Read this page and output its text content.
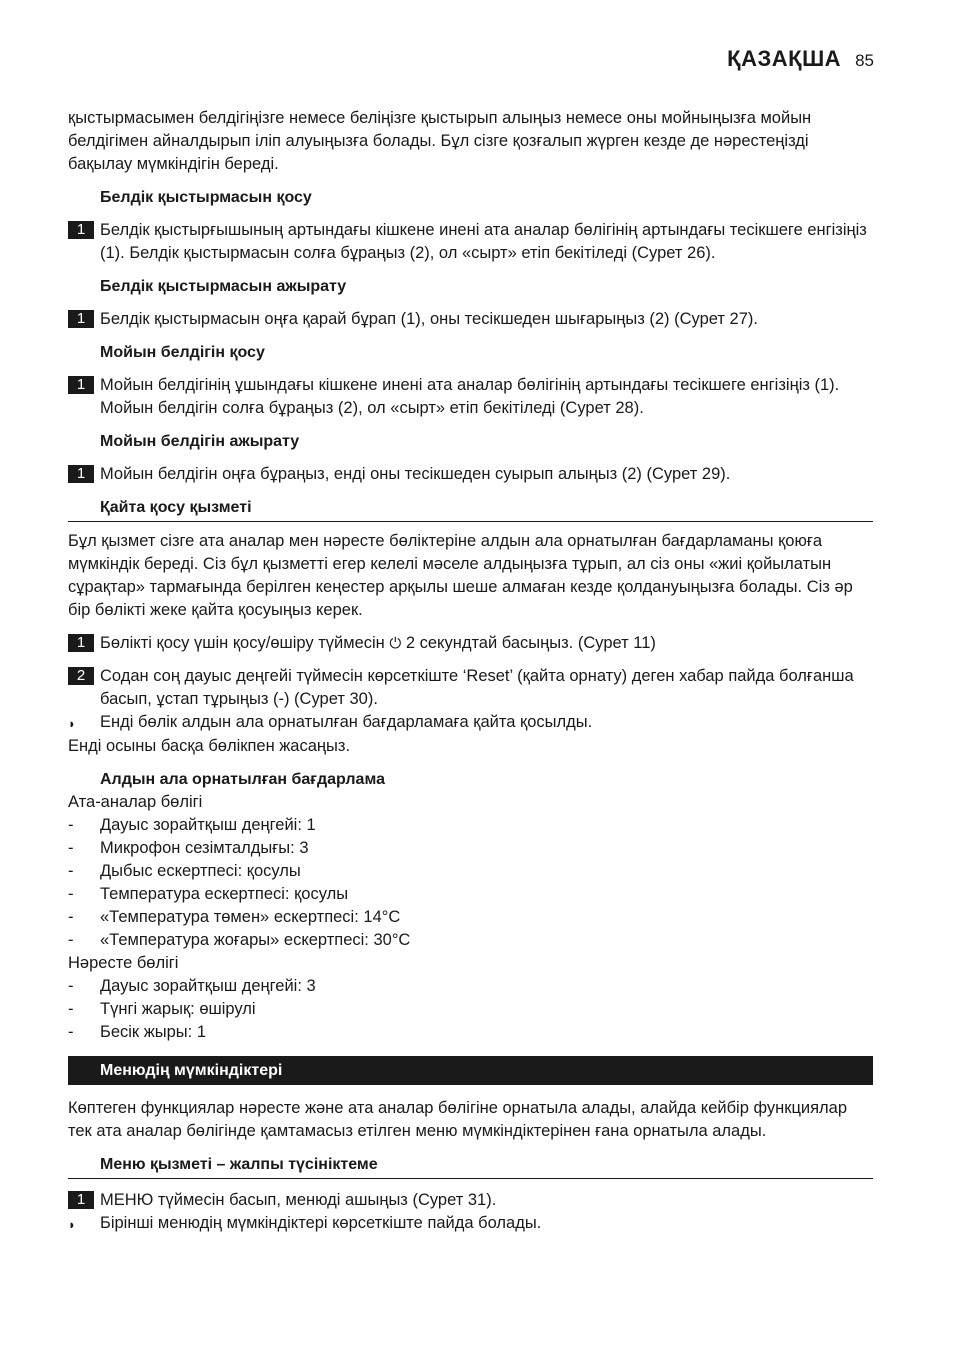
ҚАЗАҚША 85

қыстырмасымен белдігіңізге немесе беліңізге қыстырып алыңыз немесе оны мойныңызға мойын белдігімен айналдырып іліп алуыңызға болады. Бұл сізге қозғалып жүрген кезде де нәрестеңізді бақылау мүмкіндігін береді.

Белдік қыстырмасын қосу
1 Белдік қыстырғышының артындағы кішкене инені ата аналар бөлігінің артындағы тесікшеге енгізіңіз (1). Белдік қыстырмасын солға бұраңыз (2), ол «сырт» етіп бекітіледі (Сурет 26).
Белдік қыстырмасын ажырату
1 Белдік қыстырмасын оңға қарай бұрап (1), оны тесікшеден шығарыңыз (2) (Сурет 27).
Мойын белдігін қосу
1 Мойын белдігінің ұшындағы кішкене инені ата аналар бөлігінің артындағы тесікшеге енгізіңіз (1). Мойын белдігін солға бұраңыз (2), ол «сырт» етіп бекітіледі (Сурет 28).
Мойын белдігін ажырату
1 Мойын белдігін оңға бұраңыз, енді оны тесікшеден суырып алыңыз (2) (Сурет 29).
Қайта қосу қызметі

Бұл қызмет сізге ата аналар мен нәресте бөліктеріне алдын ала орнатылған бағдарламаны қоюға мүмкіндік береді. Сіз бұл қызметті егер келелі мәселе алдыңызға тұрып, ал сіз оны «жиі қойылатын сұрақтар» тармағында берілген кеңестер арқылы шеше алмаған кезде қолдануыңызға болады. Сіз әр бір бөлікті жеке қайта қосуыңыз керек.

1 Бөлікті қосу үшін қосу/өшіру түймесін ⏻ 2 секундтай басыңыз. (Сурет 11)
2 Содан соң дауыс деңгейі түймесін көрсеткіште ‘Reset’ (қайта орнату) деген хабар пайда болғанша басып, ұстап тұрыңыз (-) (Сурет 30).
◗	Енді бөлік алдын ала орнатылған бағдарламаға қайта қосылды.

Енді осыны басқа бөлікпен жасаңыз.

Алдын ала орнатылған бағдарлама

Ата-аналар бөлігі

-	Дауыс зорайтқыш деңгейі: 1
-	Микрофон сезімталдығы: 3
-	Дыбыс ескертпесі: қосулы
-	Температура ескертпесі: қосулы
-	«Температура төмен» ескертпесі: 14°C
-	«Температура жоғары» ескертпесі: 30°C

Нәресте бөлігі

-	Дауыс зорайтқыш деңгейі: 3
-	Түнгі жарық: өшірулі
-	Бесік жыры: 1
Менюдің мүмкіндіктері

Көптеген функциялар нәресте және ата аналар бөлігіне орнатыла алады, алайда кейбір функциялар тек ата аналар бөлігінде қамтамасыз етілген меню мүмкіндіктерінен ғана орнатыла алады.

Меню қызметі – жалпы түсініктеме
1 МЕНЮ түймесін басып, менюді ашыңыз (Сурет 31).
◗	Бірінші менюдің мүмкіндіктері көрсеткіште пайда болады.
